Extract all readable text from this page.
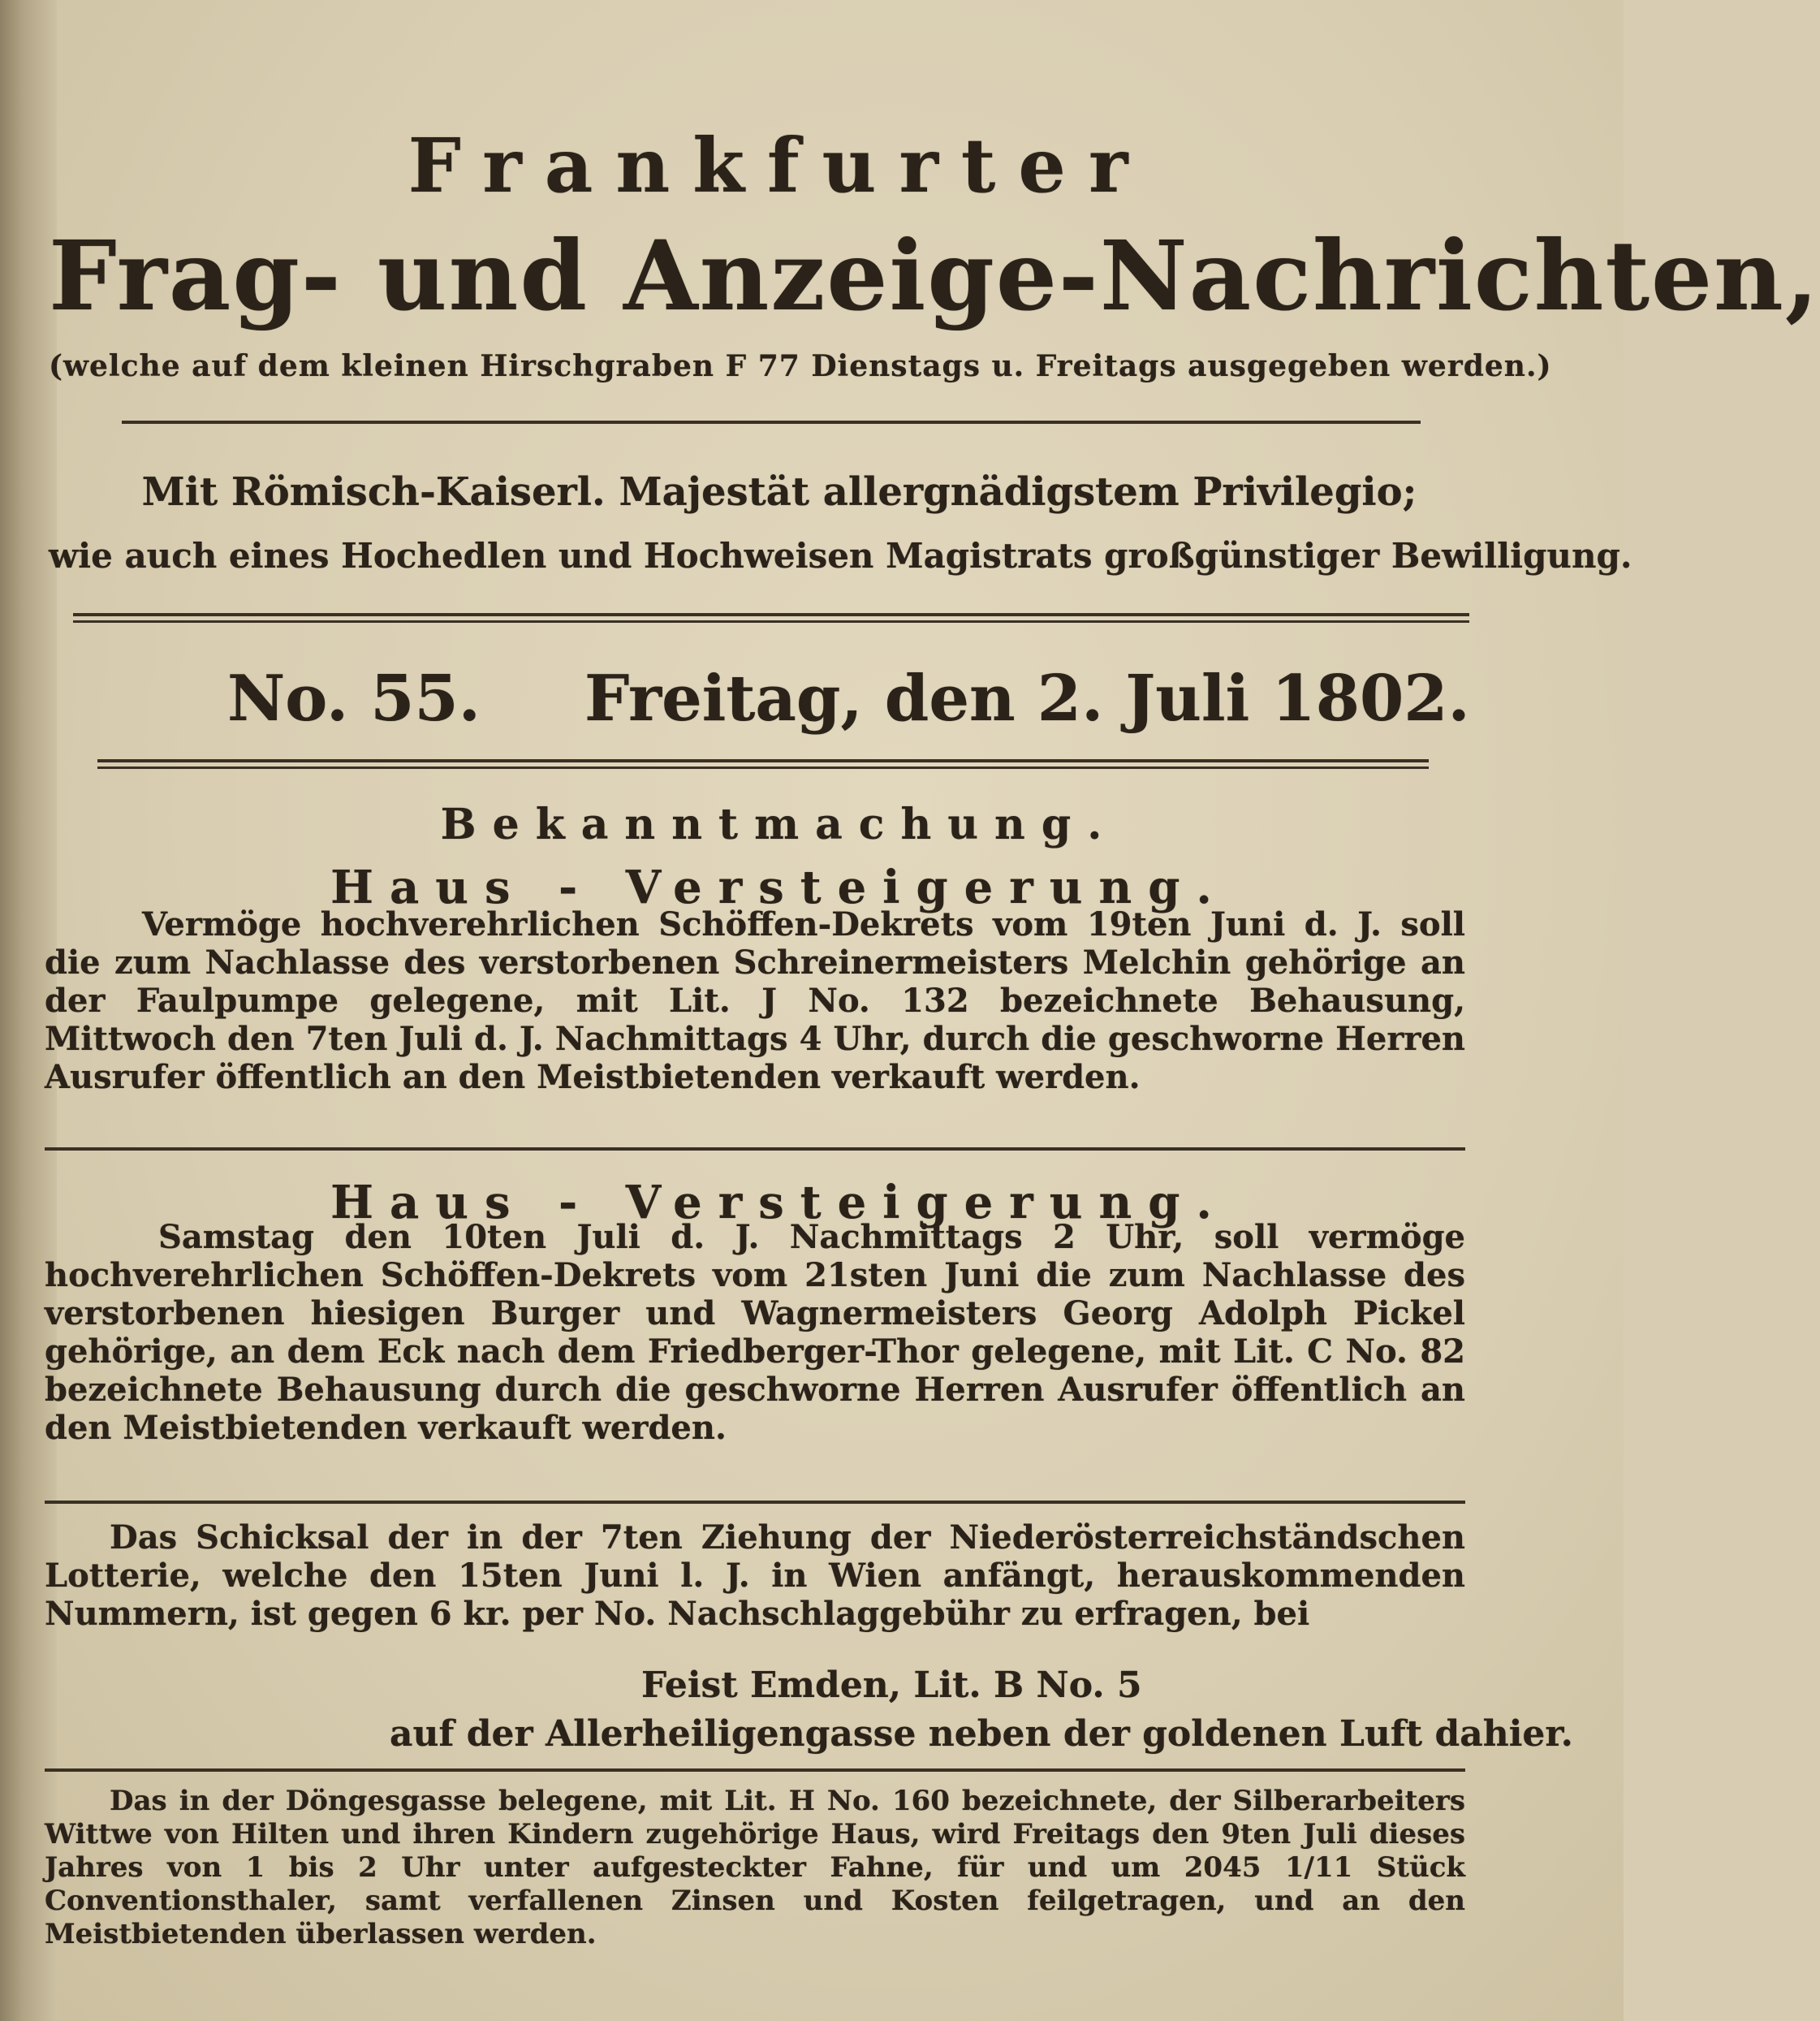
Frankfurter
Frag- und Anzeige-Nachrichten,
(welche auf dem kleinen Hirschgraben F 77 Dienstags u. Freitags ausgegeben werden.)
Mit Römisch-Kaiserl. Majestät allergnädigstem Privilegio;
wie auch eines Hochedlen und Hochweisen Magistrats großgünstiger Bewilligung.
No. 55. Freitag, den 2. Juli 1802.
Bekanntmachung.
Haus - Versteigerung.
Vermöge hochverehrlichen Schöffen-Dekrets vom 19ten Juni d. J. soll die zum Nachlasse des verstorbenen Schreinermeisters Melchin gehörige an der Faulpumpe gelegene, mit Lit. J No. 132 bezeichnete Behausung, Mittwoch den 7ten Juli d. J. Nachmittags 4 Uhr, durch die geschworne Herren Ausrufer öffentlich an den Meistbietenden verkauft werden.
Haus - Versteigerung.
Samstag den 10ten Juli d. J. Nachmittags 2 Uhr, soll vermöge hochverehrlichen Schöffen-Dekrets vom 21sten Juni die zum Nachlasse des verstorbenen hiesigen Burger und Wagnermeisters Georg Adolph Pickel gehörige, an dem Eck nach dem Friedberger-Thor gelegene, mit Lit. C No. 82 bezeichnete Behausung durch die geschworne Herren Ausrufer öffentlich an den Meistbietenden verkauft werden.
Das Schicksal der in der 7ten Ziehung der Niederösterreichständschen Lotterie, welche den 15ten Juni l. J. in Wien anfängt, herauskommenden Nummern, ist gegen 6 kr. per No. Nachschlaggebühr zu erfragen, bei
Feist Emden, Lit. B No. 5
auf der Allerheiligengasse neben der goldenen Luft dahier.
Das in der Döngesgasse belegene, mit Lit. H No. 160 bezeichnete, der Silberarbeiters Wittwe von Hilten und ihren Kindern zugehörige Haus, wird Freitags den 9ten Juli dieses Jahres von 1 bis 2 Uhr unter aufgesteckter Fahne, für und um 2045 1/11 Stück Conventionsthaler, samt verfallenen Zinsen und Kosten feilgetragen, und an den Meistbietenden überlassen werden.
